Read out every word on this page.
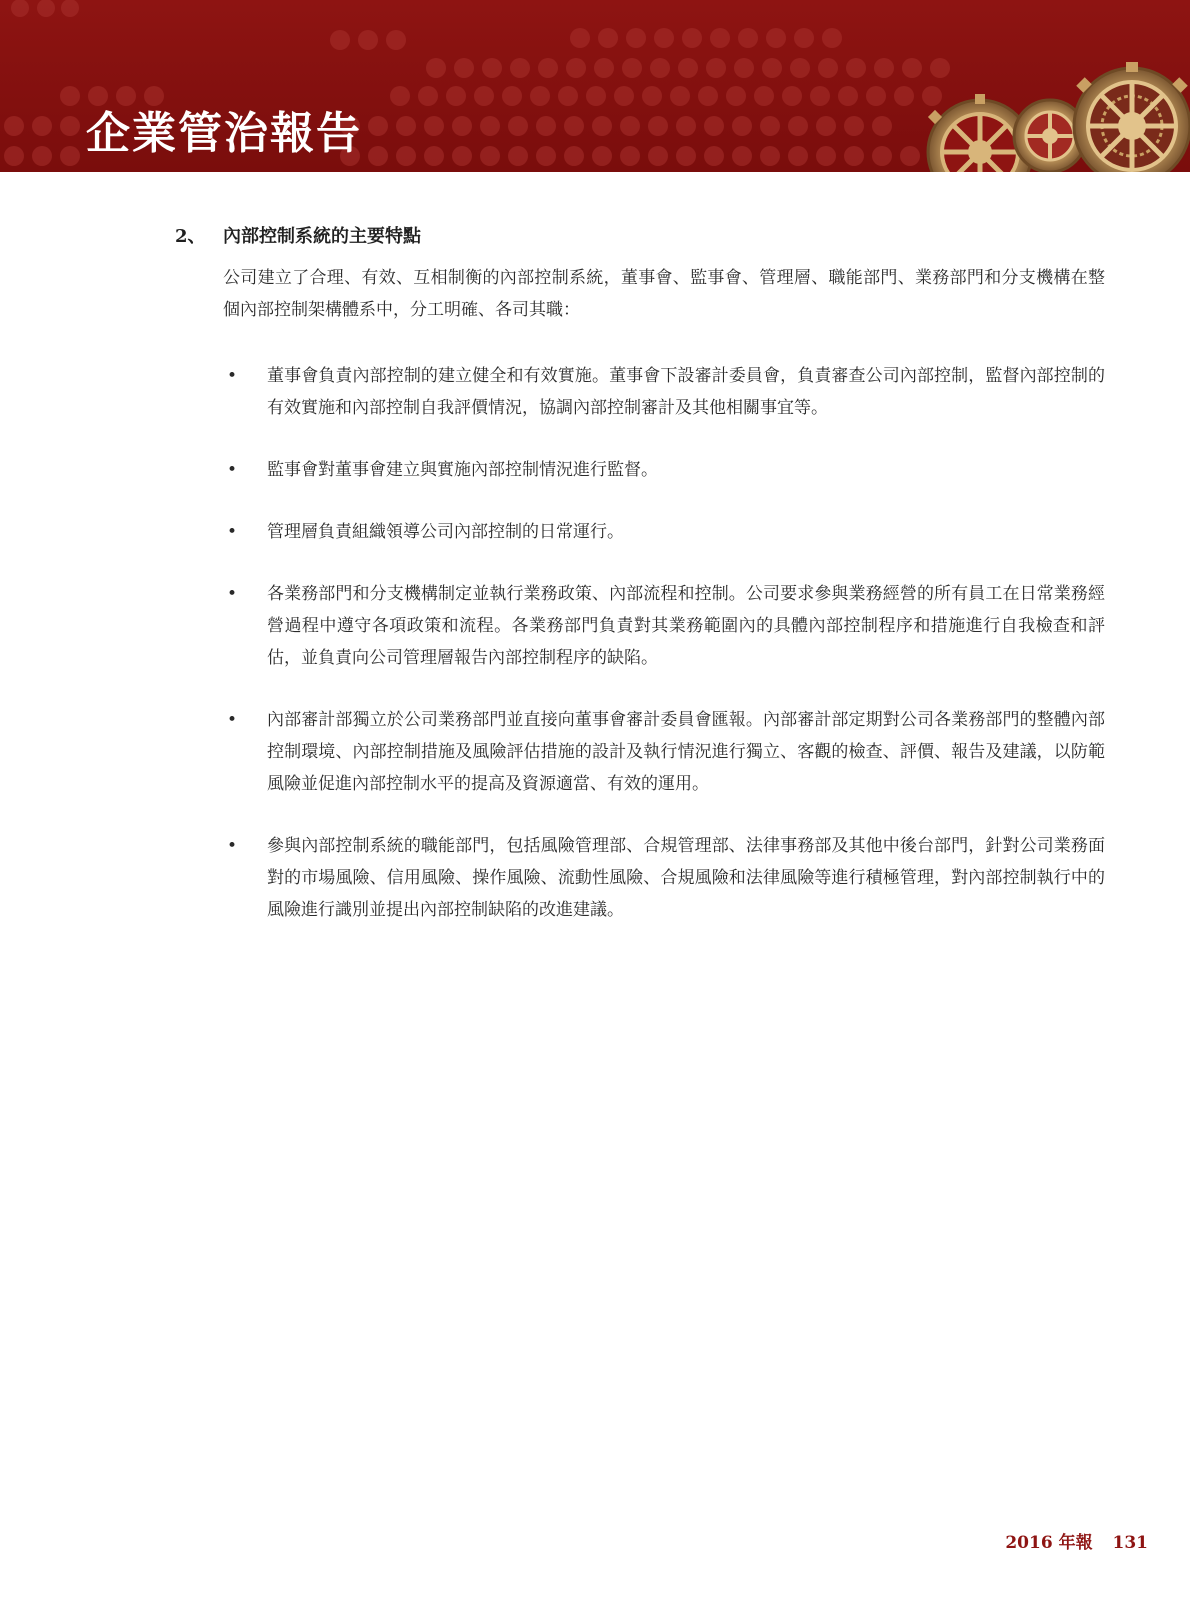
企業管治報告
2、 內部控制系統的主要特點

公司建立了合理、有效、互相制衡的內部控制系統，董事會、監事會、管理層、職能部門、業務部門和分支機構在整個內部控制架構體系中，分工明確、各司其職：

• 董事會負責內部控制的建立健全和有效實施。董事會下設審計委員會，負責審查公司內部控制，監督內部控制的有效實施和內部控制自我評價情況，協調內部控制審計及其他相關事宜等。
• 監事會對董事會建立與實施內部控制情況進行監督。
• 管理層負責組織領導公司內部控制的日常運行。
• 各業務部門和分支機構制定並執行業務政策、內部流程和控制。公司要求參與業務經營的所有員工在日常業務經營過程中遵守各項政策和流程。各業務部門負責對其業務範圍內的具體內部控制程序和措施進行自我檢查和評估，並負責向公司管理層報告內部控制程序的缺陷。
• 內部審計部獨立於公司業務部門並直接向董事會審計委員會匯報。內部審計部定期對公司各業務部門的整體內部控制環境、內部控制措施及風險評估措施的設計及執行情況進行獨立、客觀的檢查、評價、報告及建議，以防範風險並促進內部控制水平的提高及資源適當、有效的運用。
• 參與內部控制系統的職能部門，包括風險管理部、合規管理部、法律事務部及其他中後台部門，針對公司業務面對的市場風險、信用風險、操作風險、流動性風險、合規風險和法律風險等進行積極管理，對內部控制執行中的風險進行識別並提出內部控制缺陷的改進建議。
2016 年報 131
